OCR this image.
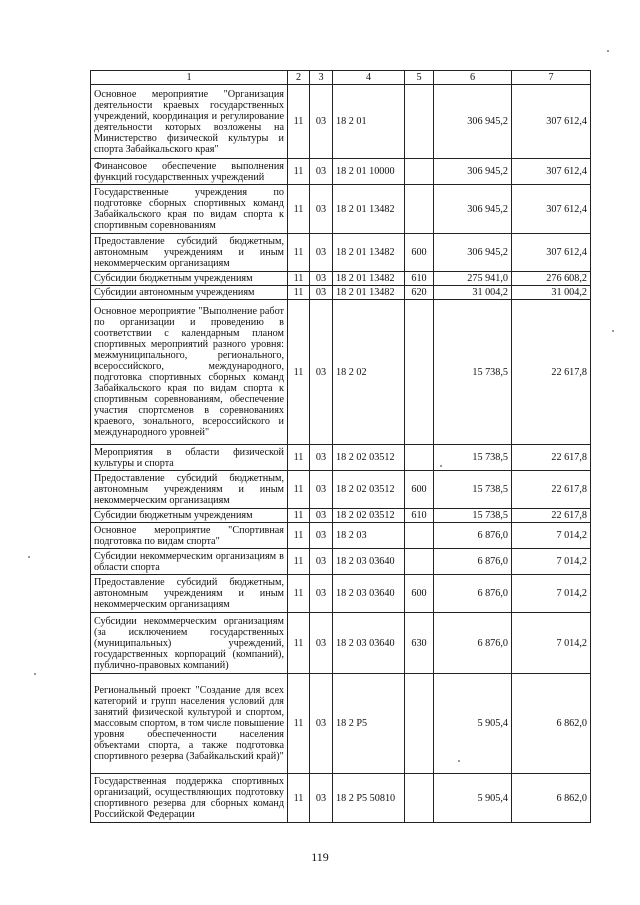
1	2	3	4	5	6	7
Основное мероприятие "Организация деятельности краевых государственных учреждений, координация и регулирование деятельности которых возложены на Министерство физической культуры и спорта Забайкальского края"	11	03	18 2 01		306 945,2	307 612,4
Финансовое обеспечение выполнения функций государственных учреждений	11	03	18 2 01 10000		306 945,2	307 612,4
Государственные учреждения по подготовке сборных спортивных команд Забайкальского края по видам спорта к спортивным соревнованиям	11	03	18 2 01 13482		306 945,2	307 612,4
Предоставление субсидий бюджетным, автономным учреждениям и иным некоммерческим организациям	11	03	18 2 01 13482	600	306 945,2	307 612,4
Субсидии бюджетным учреждениям	11	03	18 2 01 13482	610	275 941,0	276 608,2
Субсидии автономным учреждениям	11	03	18 2 01 13482	620	31 004,2	31 004,2
Основное мероприятие "Выполнение работ по организации и проведению в соответствии с календарным планом спортивных мероприятий разного уровня: межмуниципального, регионального, всероссийского, международного, подготовка спортивных сборных команд Забайкальского края по видам спорта к спортивным соревнованиям, обеспечение участия спортсменов в соревнованиях краевого, зонального, всероссийского и международного уровней"	11	03	18 2 02		15 738,5	22 617,8
Мероприятия в области физической культуры и спорта	11	03	18 2 02 03512		15 738,5	22 617,8
Предоставление субсидий бюджетным, автономным учреждениям и иным некоммерческим организациям	11	03	18 2 02 03512	600	15 738,5	22 617,8
Субсидии бюджетным учреждениям	11	03	18 2 02 03512	610	15 738,5	22 617,8
Основное мероприятие "Спортивная подготовка по видам спорта"	11	03	18 2 03		6 876,0	7 014,2
Субсидии некоммерческим организациям в области спорта	11	03	18 2 03 03640		6 876,0	7 014,2
Предоставление субсидий бюджетным, автономным учреждениям и иным некоммерческим организациям	11	03	18 2 03 03640	600	6 876,0	7 014,2
Субсидии некоммерческим организациям (за исключением государственных (муниципальных) учреждений, государственных корпораций (компаний), публично-правовых компаний)	11	03	18 2 03 03640	630	6 876,0	7 014,2
Региональный проект "Создание для всех категорий и групп населения условий для занятий физической культурой и спортом, массовым спортом, в том числе повышение уровня обеспеченности населения объектами спорта, а также подготовка спортивного резерва (Забайкальский край)"	11	03	18 2 P5		5 905,4	6 862,0
Государственная поддержка спортивных организаций, осуществляющих подготовку спортивного резерва для сборных команд Российской Федерации	11	03	18 2 P5 50810		5 905,4	6 862,0
119
